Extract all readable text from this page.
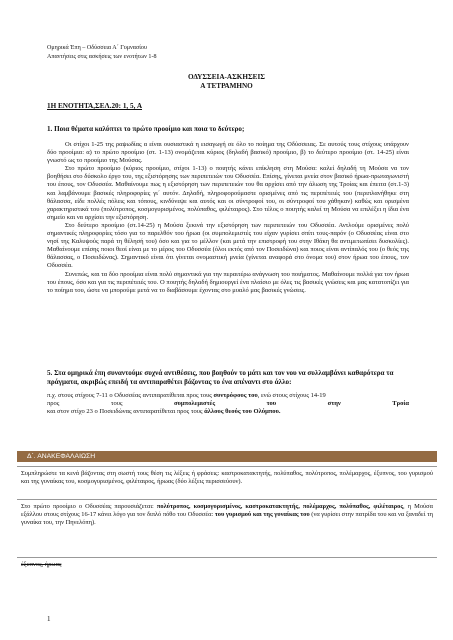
Ομηρικά Έπη – Οδύσσεια Α΄ Γυμνασίου
Απαντήσεις στις ασκήσεις των ενοτήτων 1-8
ΟΔΥΣΣΕΙΑ-ΑΣΚΗΣΕΙΣ
Α ΤΕΤΡΑΜΗΝΟ
1Η ΕΝΟΤΗΤΑ,ΣΕΛ.20: 1, 5, Α
1. Ποια θέματα καλύπτει το πρώτο προοίμιο και ποια το δεύτερο;

Οι στίχοι 1-25 της ραψωδίας α είναι ουσιαστικά η εισαγωγή σε όλο το ποίημα της Οδύσσειας. Σε αυτούς τους στίχους υπάρχουν δύο προοίμια: α) το πρώτο προοίμιο (στ. 1-13) ονομάζεται κύριος (δηλαδή βασικό) προοίμιο, β) το δεύτερο προοίμιο (στ. 14-25) είναι γνωστό ως το προοίμιο της Μούσας.

Στο πρώτο προοίμιο (κύριος προοίμιο, στίχοι 1-13) ο ποιητής κάνει επίκληση στη Μούσα: καλεί δηλαδή τη Μούσα να τον βοηθήσει στο δύσκολο έργο του, της εξιστόρησης των περιπετειών του Οδυσσέα. Επίσης, γίνεται μνεία στον βασικό ήρωα-πρωταγωνιστή του έπους, τον Οδυσσέα. Μαθαίνουμε πως η εξιστόρηση των περιπετειών του θα αρχίσει από την άλωση της Τροίας και έπειτα (στ.1-3) και λαμβάνουμε βασικές πληροφορίες γι΄ αυτόν. Δηλαδή, πληροφορούμαστε ορισμένες από τις περιπέτειές του (περιπλανήθηκε στη θάλασσα, είδε πολλές πόλεις και τόπους, κινδύνεψε και αυτός και οι σύντροφοί του, οι σύντροφοί του χάθηκαν) καθώς και ορισμένα χαρακτηριστικά του (πολύτροπος, κοσμογυρισμένος, πολύπαθος, φιλέταιρος). Στο τέλος ο ποιητής καλεί τη Μούσα να επιλέξει η ίδια ένα σημείο και να αρχίσει την εξιστόρηση.

Στο δεύτερο προοίμιο (στ.14-25) η Μούσα ξεκινά την εξιστόρηση των περιπετειών του Οδυσσέα. Αντλούμε ορισμένες πολύ σημαντικές πληροφορίες τόσο για το παρελθόν του ήρωα (οι συμπολεμιστές του είχαν γυρίσει σπίτι τους-παρόν (ο Οδυσσέας είναι στο νησί της Καλυψούς παρά τη θέλησή του) όσο και για το μέλλον (και μετά την επιστροφή του στην Ιθάκη θα αντιμετωπίσει δυσκολίες). Μαθαίνουμε επίσης ποιοι θεοί είναι με το μέρος του Οδυσσέα (όλοι εκτός από τον Ποσειδώνα) και ποιος είναι αντίπαλός του (ο θεός της θάλασσας, ο Ποσειδώνας). Σημαντικό είναι ότι γίνεται ονομαστική μνεία (γίνεται αναφορά στο όνομα του) στον ήρωα του έπους, τον Οδυσσέα.

Συνεπώς, και τα δύο προοίμια είναι πολύ σημαντικά για την περαιτέρω ανάγνωση του ποιήματος. Μαθαίνουμε πολλά για τον ήρωα του έπους, όσο και για τις περιπέτειές του. Ο ποιητής δηλαδή δημιουργεί ένα πλαίσιο με όλες τις βασικές γνώσεις και μας κατατοπίζει για το ποίημα του, ώστε να μπορούμε μετά να το διαβάσουμε έχοντας στο μυαλό μας βασικές γνώσεις.

5. Στα ομηρικά έπη συναντούμε συχνά αντιθέσεις, που βοηθούν το μάτι και τον νου να συλλαμβάνει καθαρότερα τα πράγματα, ακριβώς επειδή τα αντιπαραθέτει βάζοντας το ένα απέναντι στο άλλο:
π.χ. στους στίχους 7-11 ο Οδυσσέας αντιπαρατίθεται προς τους συντρόφους του, ενώ στους στίχους 14-19
προς	τους	συμπολεμιστές	του	στην	Τροία
και στον στίχο 23 ο Ποσειδώνας αντιπαρατίθεται προς τους άλλους θεούς του Ολύμπου.
Δ΄. ΑΝΑΚΕΦΑΛΑΙΩΣΗ
Συμπληρώστε τα κενά βάζοντας στη σωστή τους θέση τις λέξεις ή φράσεις: καστροκατακτητής, πολύπαθος, πολύτροπος, πολέμαρχος, έξυπνος, του γυρισμού και της γυναίκας του, κοσμογυρισμένος, φιλέταιρος, ήρωας (δύο λέξεις περισσεύουν).
Στο πρώτο προοίμιο ο Οδυσσέας παρουσιάζεται: πολύτροπος, κοσμογυρισμένος, καστροκατακτητής, πολέμαρχος, πολύπαθος, φιλέταιρος, η Μούσα εξάλλου στους στίχους 16-17 κάνει λόγο για τον διπλό πόθο του Οδυσσέα: του γυρισμού και της γυναίκας του (να γυρίσει στην πατρίδα του και να ξαναδεί τη γυναίκα του, την Πηνελόπη).
έξυπνος, ήρωας
1
